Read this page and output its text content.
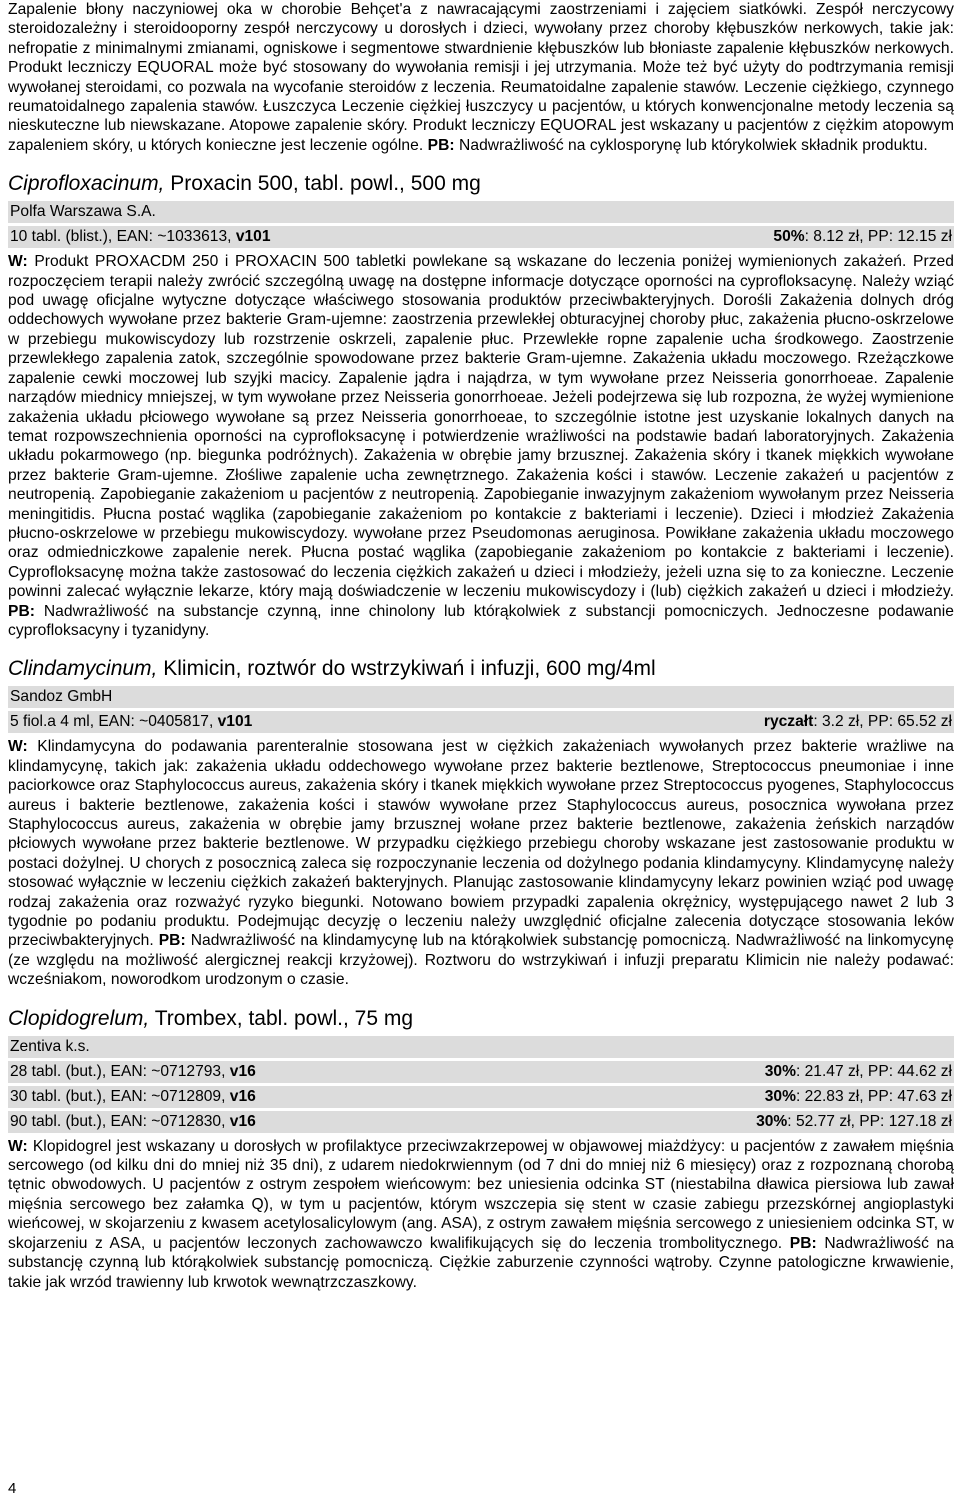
Zapalenie błony naczyniowej oka w chorobie Behçet'a z nawracającymi zaostrzeniami i zajęciem siatkówki. Zespół nerczycowy steroidozależny i steroidooporny zespół nerczycowy u dorosłych i dzieci, wywołany przez choroby kłębuszków nerkowych, takie jak: nefropatie z minimalnymi zmianami, ogniskowe i segmentowe stwardnienie kłębuszków lub błoniaste zapalenie kłębuszków nerkowych. Produkt leczniczy EQUORAL może być stosowany do wywołania remisji i jej utrzymania. Może też być użyty do podtrzymania remisji wywołanej steroidami, co pozwala na wycofanie steroidów z leczenia. Reumatoidalne zapalenie stawów. Leczenie ciężkiego, czynnego reumatoidalnego zapalenia stawów. Łuszczyca Leczenie ciężkiej łuszczycy u pacjentów, u których konwencjonalne metody leczenia są nieskuteczne lub niewskazane. Atopowe zapalenie skóry. Produkt leczniczy EQUORAL jest wskazany u pacjentów z ciężkim atopowym zapaleniem skóry, u których konieczne jest leczenie ogólne. PB: Nadwrażliwość na cyklosporynę lub którykolwiek składnik produktu.

Ciprofloxacinum, Proxacin 500, tabl. powl., 500 mg
Polfa Warszawa S.A.
10 tabl. (blist.), EAN: ~1033613, v101	50%: 8.12 zł, PP: 12.15 zł

W: Produkt PROXACDM 250 i PROXACIN 500 tabletki powlekane są wskazane do leczenia poniżej wymienionych zakażeń. Przed rozpoczęciem terapii należy zwrócić szczególną uwagę na dostępne informacje dotyczące oporności na cyprofloksacynę. Należy wziąć pod uwagę oficjalne wytyczne dotyczące właściwego stosowania produktów przeciwbakteryjnych. Dorośli Zakażenia dolnych dróg oddechowych wywołane przez bakterie Gram-ujemne: zaostrzenia przewlekłej obturacyjnej choroby płuc, zakażenia płucno-oskrzelowe w przebiegu mukowiscydozy lub rozstrzenie oskrzeli, zapalenie płuc. Przewlekłe ropne zapalenie ucha środkowego. Zaostrzenie przewlekłego zapalenia zatok, szczególnie spowodowane przez bakterie Gram-ujemne. Zakażenia układu moczowego. Rzeżączkowe zapalenie cewki moczowej lub szyjki macicy. Zapalenie jądra i najądrza, w tym wywołane przez Neisseria gonorrhoeae. Zapalenie narządów miednicy mniejszej, w tym wywołane przez Neisseria gonorrhoeae. Jeżeli podejrzewa się lub rozpozna, że wyżej wymienione zakażenia układu płciowego wywołane są przez Neisseria gonorrhoeae, to szczególnie istotne jest uzyskanie lokalnych danych na temat rozpowszechnienia oporności na cyprofloksacynę i potwierdzenie wrażliwości na podstawie badań laboratoryjnych. Zakażenia układu pokarmowego (np. biegunka podróżnych). Zakażenia w obrębie jamy brzusznej. Zakażenia skóry i tkanek miękkich wywołane przez bakterie Gram-ujemne. Złośliwe zapalenie ucha zewnętrznego. Zakażenia kości i stawów. Leczenie zakażeń u pacjentów z neutropenią. Zapobieganie zakażeniom u pacjentów z neutropenią. Zapobieganie inwazyjnym zakażeniom wywołanym przez Neisseria meningitidis. Płucna postać wąglika (zapobieganie zakażeniom po kontakcie z bakteriami i leczenie). Dzieci i młodzież Zakażenia płucno-oskrzelowe w przebiegu mukowiscydozy. wywołane przez Pseudomonas aeruginosa. Powikłane zakażenia układu moczowego oraz odmiedniczkowe zapalenie nerek. Płucna postać wąglika (zapobieganie zakażeniom po kontakcie z bakteriami i leczenie). Cyprofloksacynę można także zastosować do leczenia ciężkich zakażeń u dzieci i młodzieży, jeżeli uzna się to za konieczne. Leczenie powinni zalecać wyłącznie lekarze, który mają doświadczenie w leczeniu mukowiscydozy i (lub) ciężkich zakażeń u dzieci i młodzieży. PB: Nadwrażliwość na substancje czynną, inne chinolony lub którąkolwiek z substancji pomocniczych. Jednoczesne podawanie cyprofloksacyny i tyzanidyny.

Clindamycinum, Klimicin, roztwór do wstrzykiwań i infuzji, 600 mg/4ml
Sandoz GmbH
5 fiol.a 4 ml, EAN: ~0405817, v101	ryczałt: 3.2 zł, PP: 65.52 zł

W: Klindamycyna do podawania parenteralnie stosowana jest w ciężkich zakażeniach wywołanych przez bakterie wrażliwe na klindamycynę, takich jak: zakażenia układu oddechowego wywołane przez bakterie beztlenowe, Streptococcus pneumoniae i inne paciorkowce oraz Staphylococcus aureus, zakażenia skóry i tkanek miękkich wywołane przez Streptococcus pyogenes, Staphylococcus aureus i bakterie beztlenowe, zakażenia kości i stawów wywołane przez Staphylococcus aureus, posocznica wywołana przez Staphylococcus aureus, zakażenia w obrębie jamy brzusznej wołane przez bakterie beztlenowe, zakażenia żeńskich narządów płciowych wywołane przez bakterie beztlenowe. W przypadku ciężkiego przebiegu choroby wskazane jest zastosowanie produktu w postaci dożylnej. U chorych z posocznicą zaleca się rozpoczynanie leczenia od dożylnego podania klindamycyny. Klindamycynę należy stosować wyłącznie w leczeniu ciężkich zakażeń bakteryjnych. Planując zastosowanie klindamycyny lekarz powinien wziąć pod uwagę rodzaj zakażenia oraz rozważyć ryzyko biegunki. Notowano bowiem przypadki zapalenia okrężnicy, występującego nawet 2 lub 3 tygodnie po podaniu produktu. Podejmując decyzję o leczeniu należy uwzględnić oficjalne zalecenia dotyczące stosowania leków przeciwbakteryjnych. PB: Nadwrażliwość na klindamycynę lub na którąkolwiek substancję pomocniczą. Nadwrażliwość na linkomycynę (ze względu na możliwość alergicznej reakcji krzyżowej). Roztworu do wstrzykiwań i infuzji preparatu Klimicin nie należy podawać: wcześniakom, noworodkom urodzonym o czasie.

Clopidogrelum, Trombex, tabl. powl., 75 mg
Zentiva k.s.
28 tabl. (but.), EAN: ~0712793, v16	30%: 21.47 zł, PP: 44.62 zł
30 tabl. (but.), EAN: ~0712809, v16	30%: 22.83 zł, PP: 47.63 zł
90 tabl. (but.), EAN: ~0712830, v16	30%: 52.77 zł, PP: 127.18 zł

W: Klopidogrel jest wskazany u dorosłych w profilaktyce przeciwzakrzepowej w objawowej miażdżycy: u pacjentów z zawałem mięśnia sercowego (od kilku dni do mniej niż 35 dni), z udarem niedokrwiennym (od 7 dni do mniej niż 6 miesięcy) oraz z rozpoznaną chorobą tętnic obwodowych. U pacjentów z ostrym zespołem wieńcowym: bez uniesienia odcinka ST (niestabilna dławica piersiowa lub zawał mięśnia sercowego bez załamka Q), w tym u pacjentów, którym wszczepia się stent w czasie zabiegu przezskórnej angioplastyki wieńcowej, w skojarzeniu z kwasem acetylosalicylowym (ang. ASA), z ostrym zawałem mięśnia sercowego z uniesieniem odcinka ST, w skojarzeniu z ASA, u pacjentów leczonych zachowawczo kwalifikujących się do leczenia trombolitycznego. PB: Nadwrażliwość na substancję czynną lub którąkolwiek substancję pomocniczą. Ciężkie zaburzenie czynności wątroby. Czynne patologiczne krwawienie, takie jak wrzód trawienny lub krwotok wewnątrzczaszkowy.

4
